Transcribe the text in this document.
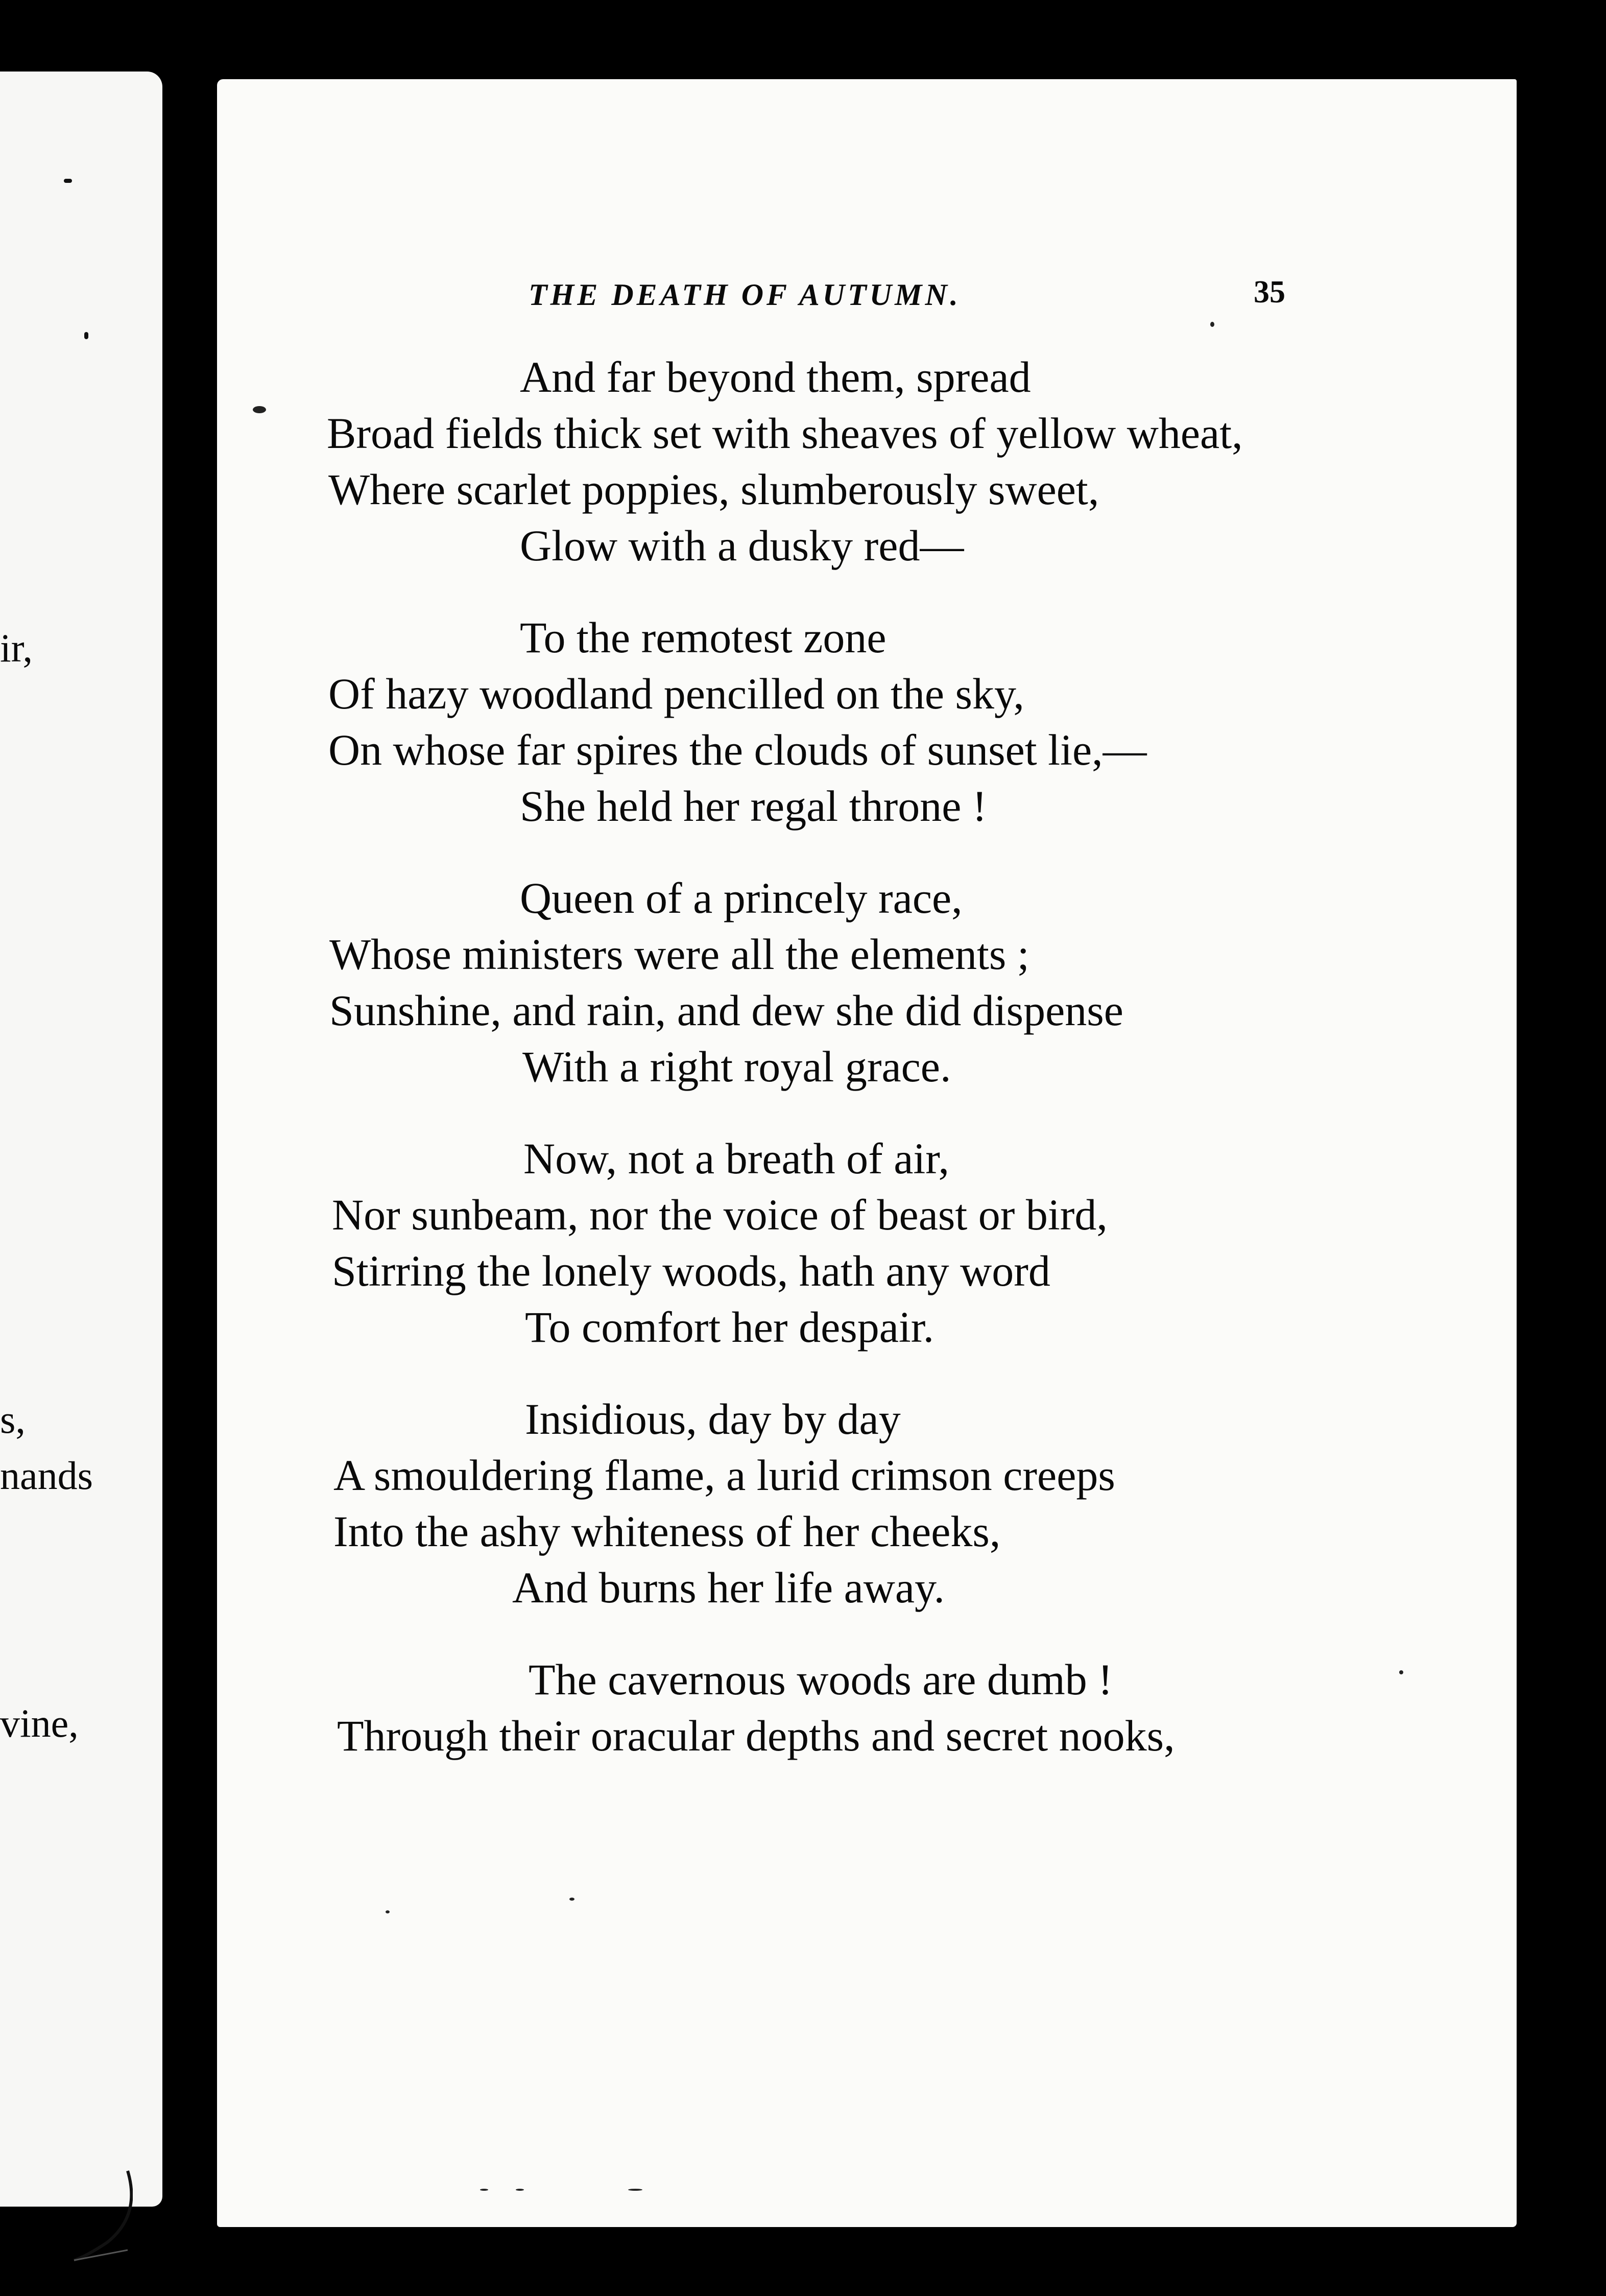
ir,
s,
nands
vine,
THE DEATH OF AUTUMN.	35
And far beyond them, spread
Broad fields thick set with sheaves of yellow wheat,
Where scarlet poppies, slumberously sweet,
Glow with a dusky red—
To the remotest zone
Of hazy woodland pencilled on the sky,
On whose far spires the clouds of sunset lie,—
She held her regal throne !
Queen of a princely race,
Whose ministers were all the elements ;
Sunshine, and rain, and dew she did dispense
With a right royal grace.
Now, not a breath of air,
Nor sunbeam, nor the voice of beast or bird,
Stirring the lonely woods, hath any word
To comfort her despair.
Insidious, day by day
A smouldering flame, a lurid crimson creeps
Into the ashy whiteness of her cheeks,
And burns her life away.
The cavernous woods are dumb !
Through their oracular depths and secret nooks,
